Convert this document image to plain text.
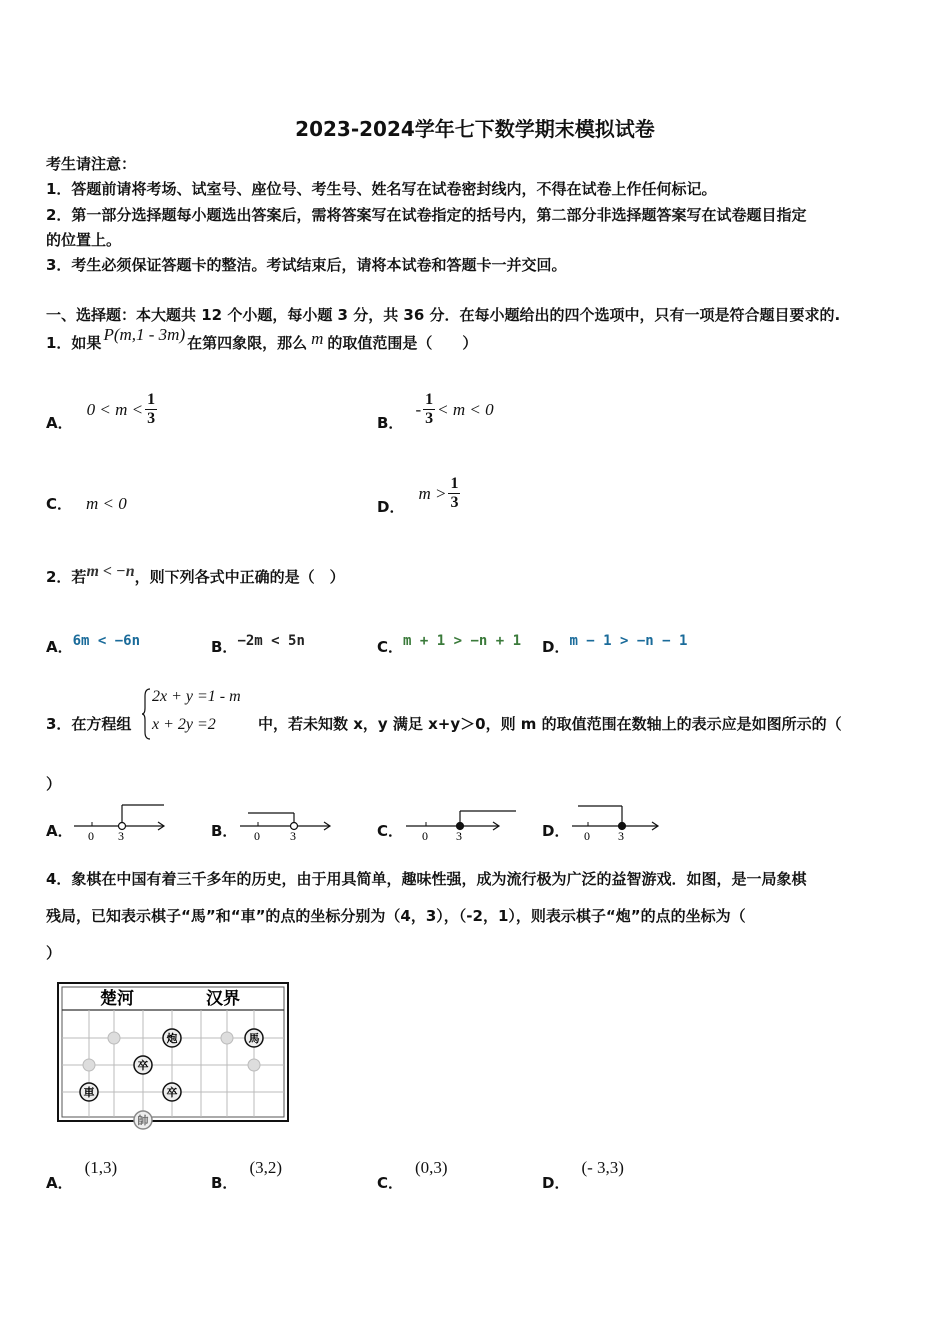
2023-2024学年七下数学期末模拟试卷
考生请注意：
1．答题前请将考场、试室号、座位号、考生号、姓名写在试卷密封线内，不得在试卷上作任何标记。
2．第一部分选择题每小题选出答案后，需将答案写在试卷指定的括号内，第二部分非选择题答案写在试卷题目指定
的位置上。
3．考生必须保证答题卡的整洁。考试结束后，请将本试卷和答题卡一并交回。
一、选择题：本大题共 12 个小题，每小题 3 分，共 36 分．在每小题给出的四个选项中，只有一项是符合题目要求的.
1．如果 P(m,1 - 3m) 在第四象限，那么 m 的取值范围是（　　）
A．
$0 < m < \frac{1}{3}$	B．
- $\frac{1}{3} < m < 0$
C． m < 0	D．
$m > \frac{1}{3}$
2．若 m < −n ，则下列各式中正确的是（　）
A． 6m < −6n	B． −2m < 5n	C． m + 1 > −n + 1 D． m − 1 > −n − 1
3．在方程组
2x + y =1 - m
x + 2y =2	中，若未知数 x，y 满足 x+y＞0，则 m 的取值范围在数轴上的表示应是如图所示的（
）
A． 0 3	B． 0	3	C． 0 3	D． 0 3
4．象棋在中国有着三千多年的历史，由于用具简单，趣味性强，成为流行极为广泛的益智游戏．如图，是一局象棋
残局，已知表示棋子“馬”和“車”的点的坐标分别为（4，3），（-2，1），则表示棋子“炮”的点的坐标为（
）
楚河	汉界
炮	馬
卒
車	卒
帥
A．
(1,3)
B．
(3,2)
C．
(0,3)
D．
(- 3,3)
